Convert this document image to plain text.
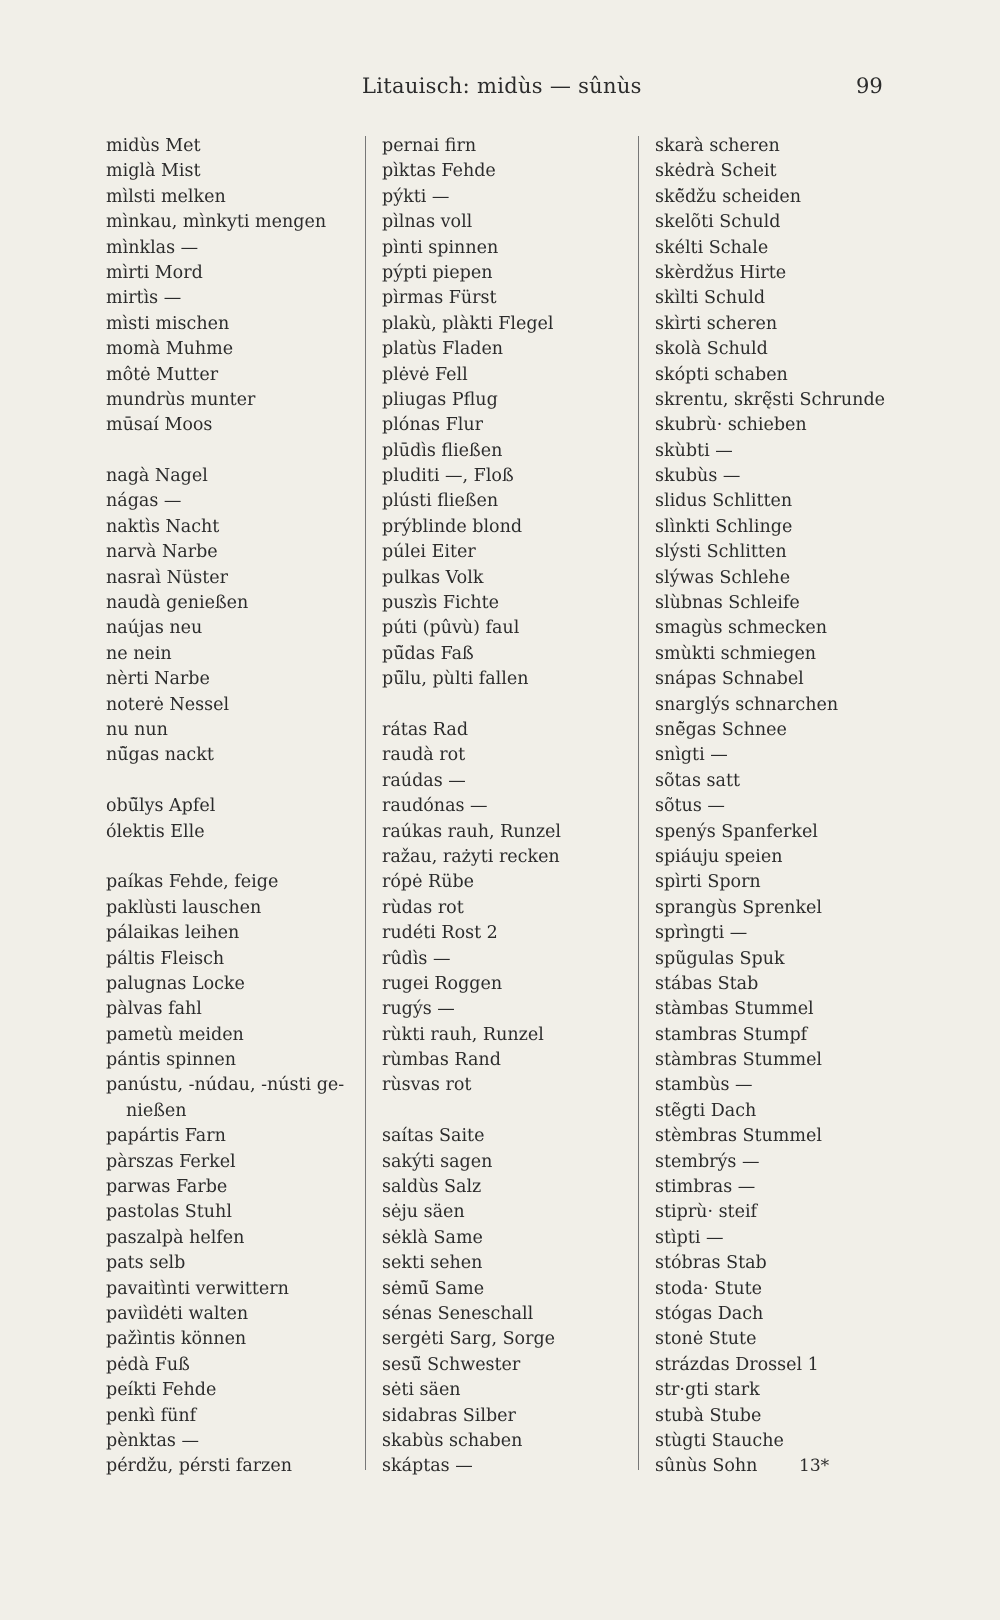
Litauisch: midùs — sûnùs	99
midùs Met
miglà Mist
mìlsti melken
mìnkau, mìnkyti mengen
mìnklas —
mìrti Mord
mirtìs —
mìsti mischen
momà Muhme
môtė Mutter
mundrùs munter
mūsaí Moos
nagà Nagel
nágas —
naktìs Nacht
narvà Narbe
nasraì Nüster
naudà genießen
naújas neu
ne nein
nèrti Narbe
noterė Nessel
nu nun
nū̃gas nackt
obū̃lys Apfel
ólektis Elle
paíkas Fehde, feige
paklùsti lauschen
pálaikas leihen
páltis Fleisch
palugnas Locke
pàlvas fahl
pametù meiden
pántis spinnen
panústu, -núdau, -nústi ge-
nießen
papártis Farn
pàrszas Ferkel
parwas Farbe
pastolas Stuhl
paszalpà helfen
pats selb
pavaitìnti verwittern
paviìdėti walten
pažìntis können
pėdà Fuß
peíkti Fehde
penkì fünf
pènktas —
pérdžu, pérsti farzen
pernai firn
pìktas Fehde
pýkti —
pìlnas voll
pìnti spinnen
pýpti piepen
pìrmas Fürst
plakù, plàkti Flegel
platùs Fladen
plėvė Fell
pliugas Pflug
plónas Flur
plūdìs fließen
pluditi —, Floß
plústi fließen
prýblinde blond
púlei Eiter
pulkas Volk
puszìs Fichte
púti (pûvù) faul
pū̃das Faß
pū̃lu, pùlti fallen
rátas Rad
raudà rot
raúdas —
raudónas —
raúkas rauh, Runzel
ražau, rażyti recken
rópė Rübe
rùdas rot
rudéti Rost 2
rûdìs —
rugei Roggen
rugýs —
rùkti rauh, Runzel
rùmbas Rand
rùsvas rot
saítas Saite
sakýti sagen
saldùs Salz
sėju säen
sėklà Same
sekti sehen
sėmū̃ Same
sénas Seneschall
sergėti Sarg, Sorge
sesū̃ Schwester
sėti säen
sidabras Silber
skabùs schaben
skáptas —
skarà scheren
skėdrà Scheit
skė̃džu scheiden
skelõti Schuld
skélti Schale
skèrdžus Hirte
skìlti Schuld
skìrti scheren
skolà Schuld
skópti schaben
skrentu, skrę̃sti Schrunde
skubrù· schieben
skùbti —
skubùs —
slidus Schlitten
slìnkti Schlinge
slýsti Schlitten
slýwas Schlehe
slùbnas Schleife
smagùs schmecken
smùkti schmiegen
snápas Schnabel
snarglýs schnarchen
snė̃gas Schnee
snìgti —
sõtas satt
sõtus —
spenýs Spanferkel
spiáuju speien
spìrti Sporn
sprangùs Sprenkel
sprìngti —
spũgulas Spuk
stábas Stab
stàmbas Stummel
stambras Stumpf
stàmbras Stummel
stambùs —
stẽgti Dach
stèmbras Stummel
stembrýs —
stimbras —
stiprù· steif
stìpti —
stóbras Stab
stoda· Stute
stógas Dach
stonė Stute
strázdas Drossel 1
str·gti stark
stubà Stube
stùgti Stauche
sûnùs Sohn	13*
